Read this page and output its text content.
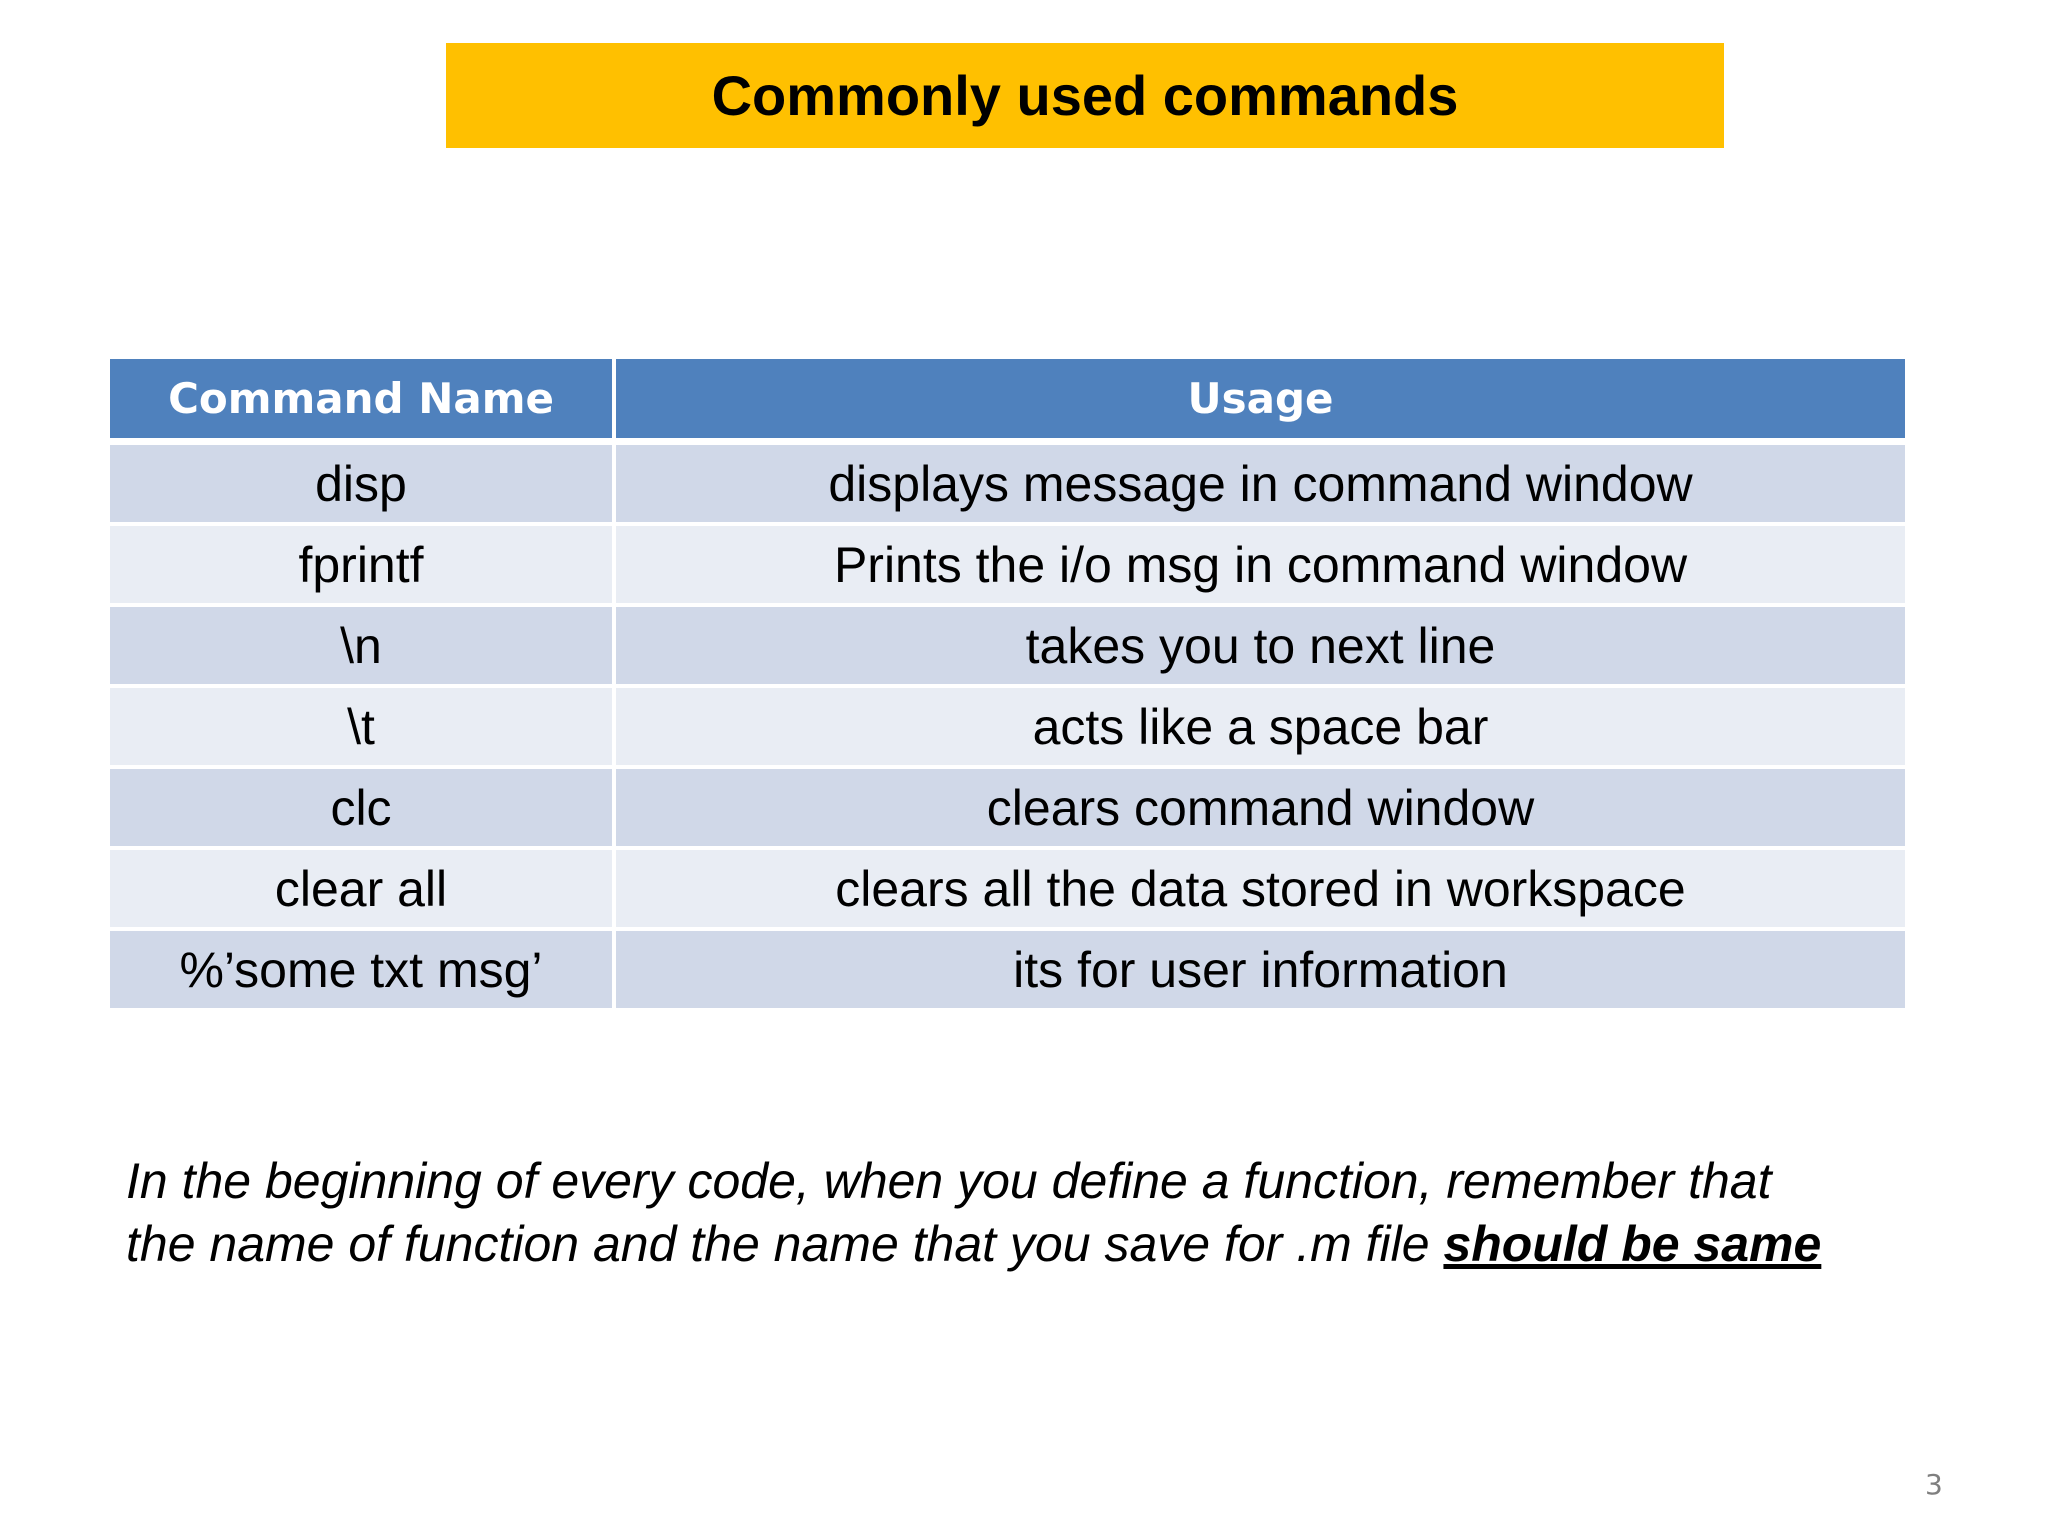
Commonly used commands
Command Name	Usage
disp	displays message in command window
fprintf	Prints the i/o msg in command window
\n	takes you to next line
\t	acts like a space bar
clc	clears command window
clear all	clears all the data stored in workspace
%’some txt msg’	its for user information

In the beginning of every code, when you define a function, remember that
the name of function and the name that you save for .m file should be same

3
